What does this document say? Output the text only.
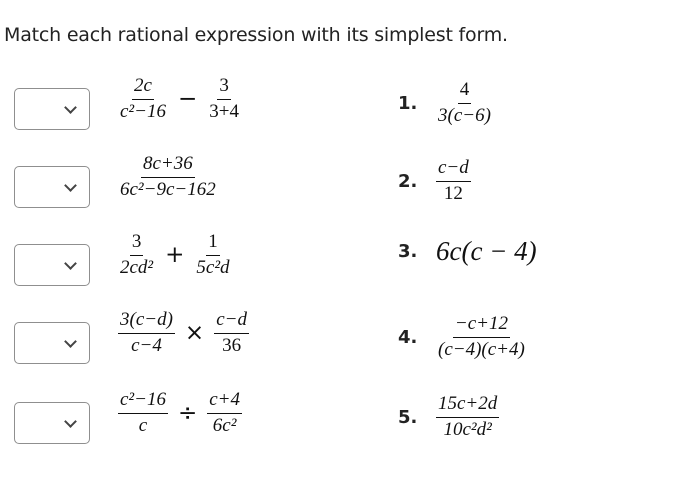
Match each rational expression with its simplest form.
$\frac{2c}{\text{c²−16}} - \frac{3}{3+4}$	1. $\frac{4}{3(c-6)}$
$\frac{8c+36}{\text{6c²−9c−162}}$	2. $\frac{c-d}{12}$
$\frac{3}{\text{2cd²}} + \frac{1}{\text{5c²d}}$	3. 6c(c − 4)
$\frac{3(c-d)}{c-4} \times \frac{c-d}{36}$	4. $\frac{-c+12}{(c-4)(c+4)}$
$\frac{\text{c²−16}}{c} \div \frac{c+4}{\text{6c²}}$	5. $\frac{15c+2d}{\text{10c²d²}}$
